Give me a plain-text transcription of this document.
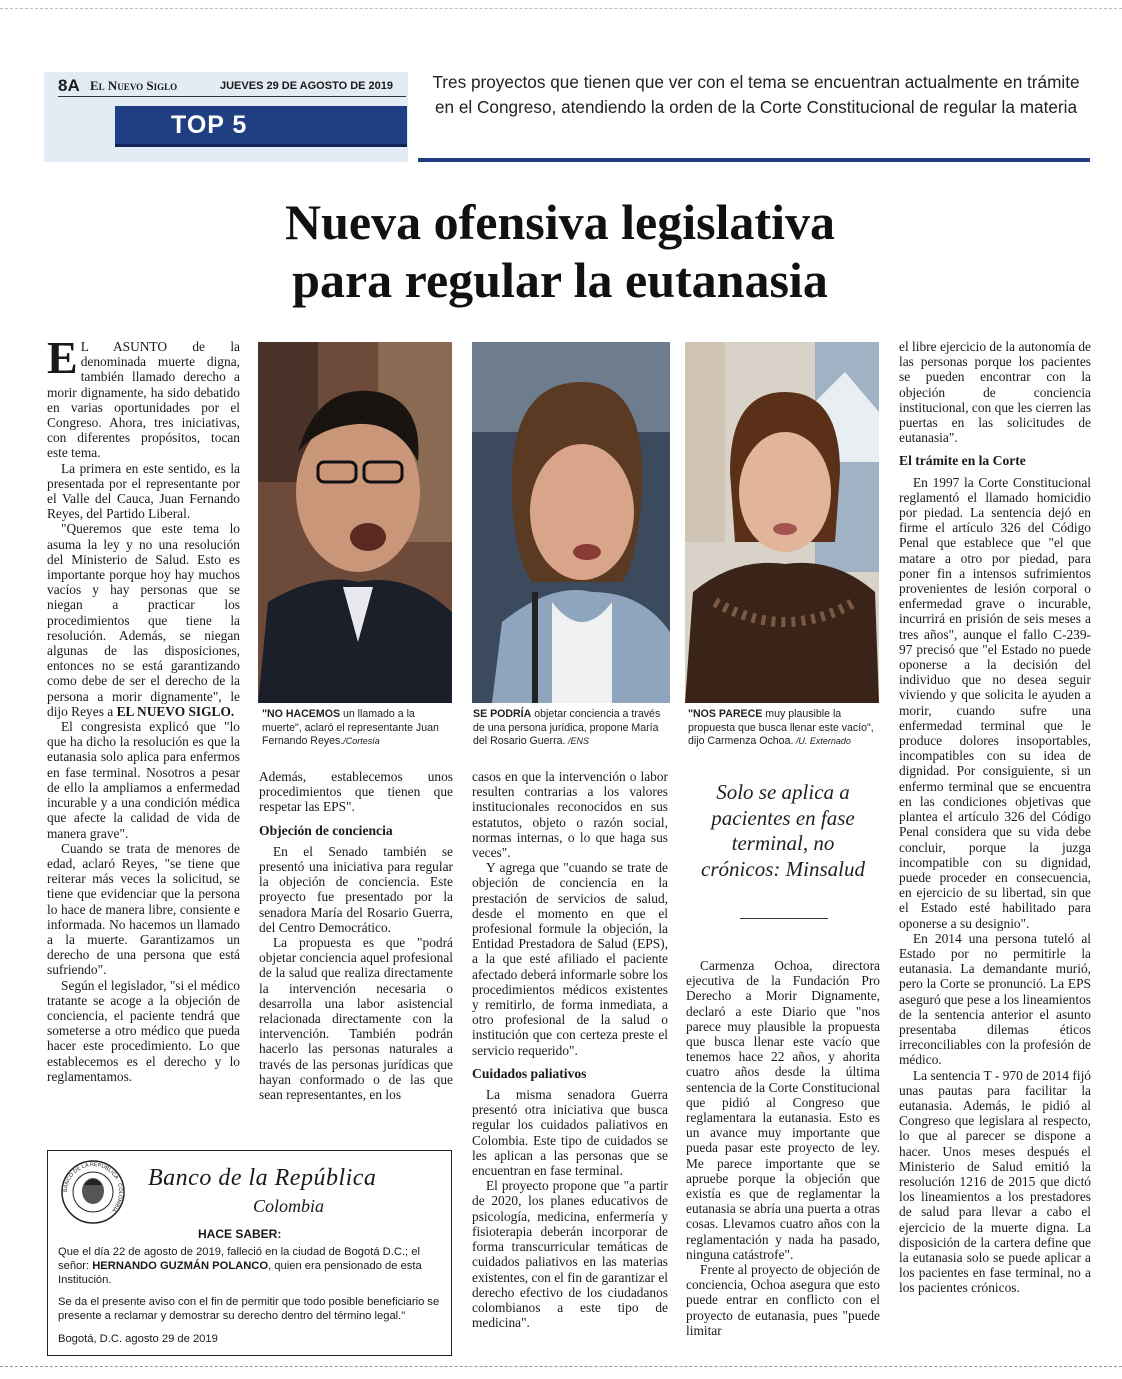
8A El Nuevo Siglo	JUEVES 29 DE AGOSTO DE 2019
TOP 5
Tres proyectos que tienen que ver con el tema se encuentran actualmente en trámite en el Congreso, atendiendo la orden de la Corte Constitucional de regular la materia
Nueva ofensiva legislativa
para regular la eutanasia

E L ASUNTO de la denominada muerte digna, también llamado derecho a morir dignamente, ha sido debatido en varias oportunidades por el Congreso. Ahora, tres iniciativas, con diferentes propósitos, tocan este tema.

La primera en este sentido, es la presentada por el representante por el Valle del Cauca, Juan Fernando Reyes, del Partido Liberal.

"Queremos que este tema lo asuma la ley y no una resolución del Ministerio de Salud. Esto es importante porque hoy hay muchos vacíos y hay personas que se niegan a practicar los procedimientos que tiene la resolución. Además, se niegan algunas de las disposiciones, entonces no se está garantizando como debe de ser el derecho de la persona a morir dignamente", le dijo Reyes a EL NUEVO SIGLO.

El congresista explicó que "lo que ha dicho la resolución es que la eutanasia solo aplica para enfermos en fase terminal. Nosotros a pesar de ello la ampliamos a enfermedad incurable y a una condición médica que afecte la calidad de vida de manera grave".

Cuando se trata de menores de edad, aclaró Reyes, "se tiene que reiterar más veces la solicitud, se tiene que evidenciar que la persona lo hace de manera libre, consiente e informada. No hacemos un llamado a la muerte. Garantizamos un derecho de una persona que está sufriendo".

Según el legislador, "si el médico tratante se acoge a la objeción de conciencia, el paciente tendrá que someterse a otro médico que pueda hacer este procedimiento. Lo que establecemos es el derecho y lo reglamentamos.

"NO HACEMOS un llamado a la muerte", aclaró el representante Juan Fernando Reyes./Cortesía
SE PODRÍA objetar conciencia a través de una persona jurídica, propone María del Rosario Guerra. /ENS
"NOS PARECE muy plausible la propuesta que busca llenar este vacío", dijo Carmenza Ochoa. /U. Externado

Además, establecemos unos procedimientos que tienen que respetar las EPS".

Objeción de conciencia

En el Senado también se presentó una iniciativa para regular la objeción de conciencia. Este proyecto fue presentado por la senadora María del Rosario Guerra, del Centro Democrático.

La propuesta es que "podrá objetar conciencia aquel profesional de la salud que realiza directamente la intervención necesaria o desarrolla una labor asistencial relacionada directamente con la intervención. También podrán hacerlo las personas naturales a través de las personas jurídicas que hayan conformado o de las que sean representantes, en los

casos en que la intervención o labor resulten contrarias a los valores institucionales reconocidos en sus estatutos, objeto o razón social, normas internas, o lo que haga sus veces".

Y agrega que "cuando se trate de objeción de conciencia en la prestación de servicios de salud, desde el momento en que el profesional formule la objeción, la Entidad Prestadora de Salud (EPS), a la que esté afiliado el paciente afectado deberá informarle sobre los procedimientos médicos existentes y remitirlo, de forma inmediata, a otro profesional de la salud o institución que con certeza preste el servicio requerido".

Cuidados paliativos

La misma senadora Guerra presentó otra iniciativa que busca regular los cuidados paliativos en Colombia. Este tipo de cuidados se les aplican a las personas que se encuentran en fase terminal.

El proyecto propone que "a partir de 2020, los planes educativos de psicología, medicina, enfermería y fisioterapia deberán incorporar de forma transcurricular temáticas de cuidados paliativos en las materias existentes, con el fin de garantizar el derecho efectivo de los ciudadanos colombianos a este tipo de medicina".

Solo se aplica a pacientes en fase terminal, no crónicos: Minsalud

Carmenza Ochoa, directora ejecutiva de la Fundación Pro Derecho a Morir Dignamente, declaró a este Diario que "nos parece muy plausible la propuesta que busca llenar este vacío que tenemos hace 22 años, y ahorita cuatro años desde la última sentencia de la Corte Constitucional que pidió al Congreso que reglamentara la eutanasia. Esto es un avance muy importante que pueda pasar este proyecto de ley. Me parece importante que se apruebe porque la objeción que existía es que de reglamentar la eutanasia se abría una puerta a otras cosas. Llevamos cuatro años con la reglamentación y nada ha pasado, ninguna catástrofe".

Frente al proyecto de objeción de conciencia, Ochoa asegura que esto puede entrar en conflicto con el proyecto de eutanasia, pues "puede limitar

el libre ejercicio de la autonomía de las personas porque los pacientes se pueden encontrar con la objeción de conciencia institucional, con que les cierren las puertas en las solicitudes de eutanasia".

El trámite en la Corte

En 1997 la Corte Constitucional reglamentó el llamado homicidio por piedad. La sentencia dejó en firme el artículo 326 del Código Penal que establece que "el que matare a otro por piedad, para poner fin a intensos sufrimientos provenientes de lesión corporal o enfermedad grave o incurable, incurrirá en prisión de seis meses a tres años", aunque el fallo C-239-97 precisó que "el Estado no puede oponerse a la decisión del individuo que no desea seguir viviendo y que solicita le ayuden a morir, cuando sufre una enfermedad terminal que le produce dolores insoportables, incompatibles con su idea de dignidad. Por consiguiente, si un enfermo terminal que se encuentra en las condiciones objetivas que plantea el artículo 326 del Código Penal considera que su vida debe concluir, porque la juzga incompatible con su dignidad, puede proceder en consecuencia, en ejercicio de su libertad, sin que el Estado esté habilitado para oponerse a su designio".

En 2014 una persona tuteló al Estado por no permitirle la eutanasia. La demandante murió, pero la Corte se pronunció. La EPS aseguró que pese a los lineamientos de la sentencia anterior el asunto presentaba dilemas éticos irreconciliables con la profesión de médico.

La sentencia T - 970 de 2014 fijó unas pautas para facilitar la eutanasia. Además, le pidió al Congreso que legislara al respecto, lo que al parecer se dispone a hacer. Unos meses después el Ministerio de Salud emitió la resolución 1216 de 2015 que dictó los lineamientos a los prestadores de salud para llevar a cabo el ejercicio de la muerte digna. La disposición de la cartera define que la eutanasia solo se puede aplicar a los pacientes en fase terminal, no a los pacientes crónicos.

BANCO DE LA REPÚBLICA · COLOMBIA ·
Banco de la República
Colombia
HACE SABER:
Que el día 22 de agosto de 2019, falleció en la ciudad de Bogotá D.C.; el señor: HERNANDO GUZMÁN POLANCO, quien era pensionado de esta Institución.
Se da el presente aviso con el fin de permitir que todo posible beneficiario se presente a reclamar y demostrar su derecho dentro del término legal."
Bogotá, D.C. agosto 29 de 2019
